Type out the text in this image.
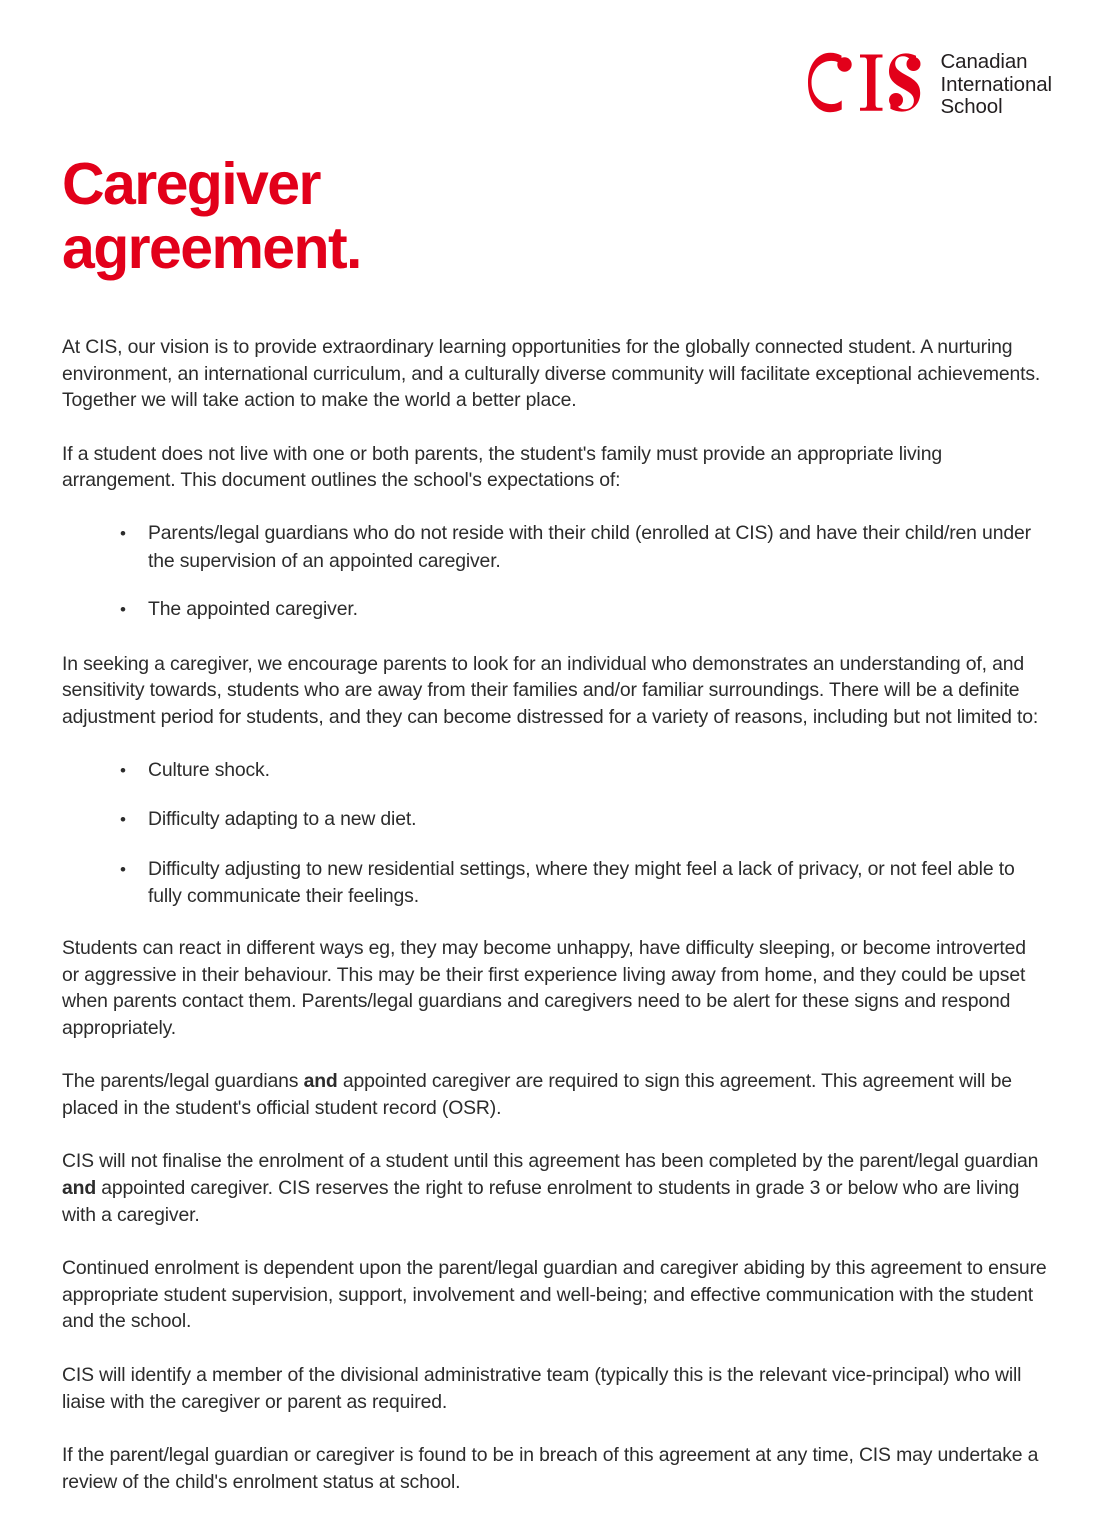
Canadian
International
School
Caregiver
agreement.

At CIS, our vision is to provide extraordinary learning opportunities for the globally connected student. A nurturing environment, an international curriculum, and a culturally diverse community will facilitate exceptional achievements. Together we will take action to make the world a better place.

If a student does not live with one or both parents, the student's family must provide an appropriate living arrangement. This document outlines the school's expectations of:

• Parents/legal guardians who do not reside with their child (enrolled at CIS) and have their child/ren under the supervision of an appointed caregiver.
• The appointed caregiver.

In seeking a caregiver, we encourage parents to look for an individual who demonstrates an understanding of, and sensitivity towards, students who are away from their families and/or familiar surroundings. There will be a definite adjustment period for students, and they can become distressed for a variety of reasons, including but not limited to:

• Culture shock.
• Difficulty adapting to a new diet.
• Difficulty adjusting to new residential settings, where they might feel a lack of privacy, or not feel able to fully communicate their feelings.

Students can react in different ways eg, they may become unhappy, have difficulty sleeping, or become introverted or aggressive in their behaviour. This may be their first experience living away from home, and they could be upset when parents contact them. Parents/legal guardians and caregivers need to be alert for these signs and respond appropriately.

The parents/legal guardians and appointed caregiver are required to sign this agreement. This agreement will be placed in the student's official student record (OSR).

CIS will not finalise the enrolment of a student until this agreement has been completed by the parent/legal guardian and appointed caregiver. CIS reserves the right to refuse enrolment to students in grade 3 or below who are living with a caregiver.

Continued enrolment is dependent upon the parent/legal guardian and caregiver abiding by this agreement to ensure appropriate student supervision, support, involvement and well-being; and effective communication with the student and the school.

CIS will identify a member of the divisional administrative team (typically this is the relevant vice-principal) who will liaise with the caregiver or parent as required.

If the parent/legal guardian or caregiver is found to be in breach of this agreement at any time, CIS may undertake a review of the child's enrolment status at school.
